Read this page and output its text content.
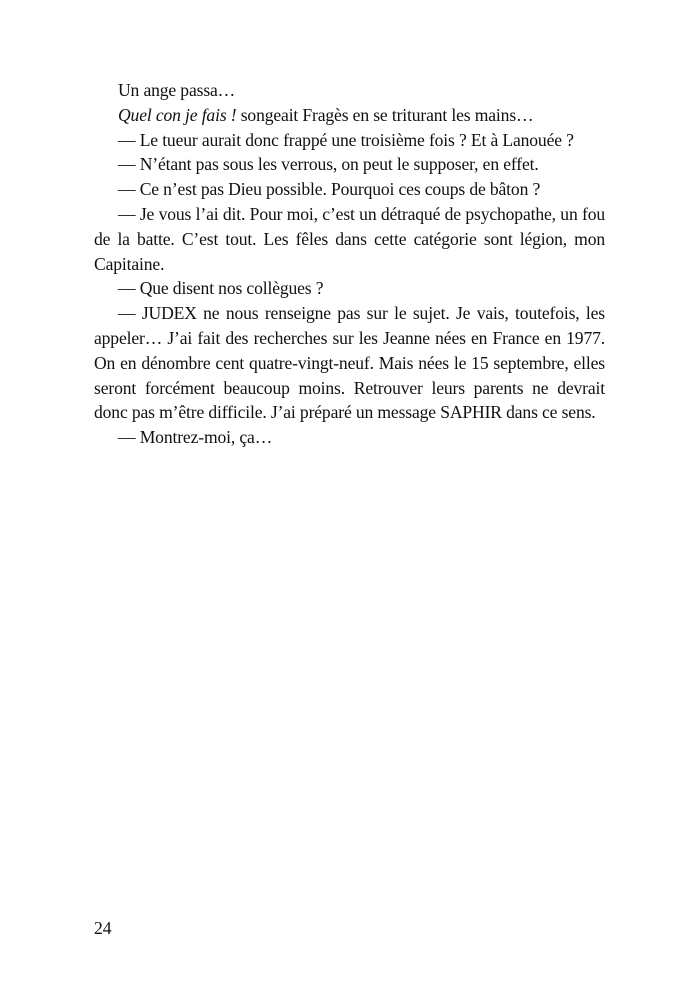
Un ange passa…

Quel con je fais ! songeait Fragès en se triturant les mains…

— Le tueur aurait donc frappé une troisième fois ? Et à Lanouée ?

— N’étant pas sous les verrous, on peut le supposer, en effet.

— Ce n’est pas Dieu possible. Pourquoi ces coups de bâton ?

— Je vous l’ai dit. Pour moi, c’est un détraqué de psychopathe, un fou de la batte. C’est tout. Les fêles dans cette catégorie sont légion, mon Capitaine.

— Que disent nos collègues ?

— JUDEX ne nous renseigne pas sur le sujet. Je vais, toutefois, les appeler… J’ai fait des recherches sur les Jeanne nées en France en 1977. On en dénombre cent quatre-vingt-neuf. Mais nées le 15 septembre, elles seront forcément beaucoup moins. Retrouver leurs parents ne devrait donc pas m’être difficile. J’ai préparé un message SAPHIR dans ce sens.

— Montrez-moi, ça…

24
